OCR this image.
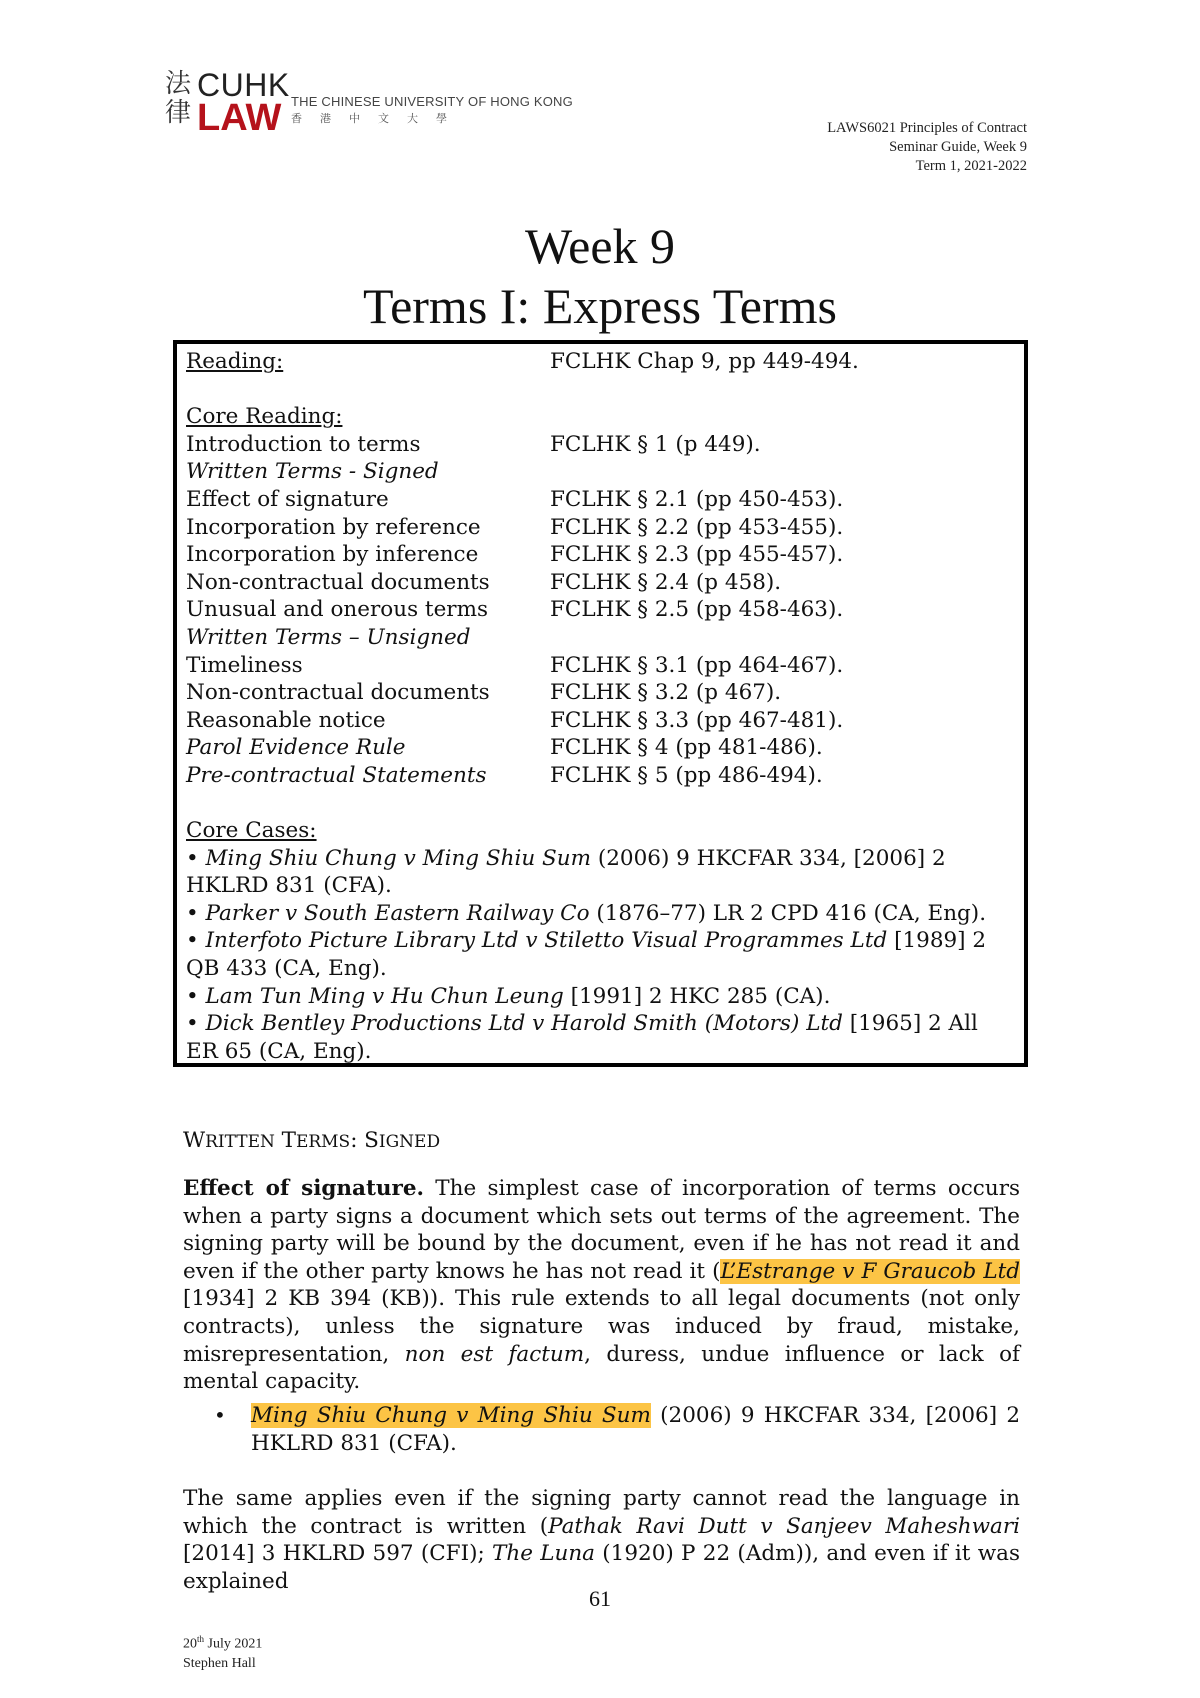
法
律
CUHK
LAW THE CHINESE UNIVERSITY OF HONG KONG
香港中文大學
LAWS6021 Principles of Contract
Seminar Guide, Week 9
Term 1, 2021-2022
Week 9
Terms I: Express Terms
Reading:	FCLHK Chap 9, pp 449-494.
Core Reading:
Introduction to terms	FCLHK § 1 (p 449).
Written Terms - Signed
Effect of signature	FCLHK § 2.1 (pp 450-453).
Incorporation by reference	FCLHK § 2.2 (pp 453-455).
Incorporation by inference	FCLHK § 2.3 (pp 455-457).
Non-contractual documents	FCLHK § 2.4 (p 458).
Unusual and onerous terms	FCLHK § 2.5 (pp 458-463).
Written Terms – Unsigned
Timeliness	FCLHK § 3.1 (pp 464-467).
Non-contractual documents	FCLHK § 3.2 (p 467).
Reasonable notice	FCLHK § 3.3 (pp 467-481).
Parol Evidence Rule	FCLHK § 4 (pp 481-486).
Pre-contractual Statements	FCLHK § 5 (pp 486-494).
Core Cases:
• Ming Shiu Chung v Ming Shiu Sum (2006) 9 HKCFAR 334, [2006] 2 HKLRD 831 (CFA).
• Parker v South Eastern Railway Co (1876–77) LR 2 CPD 416 (CA, Eng).
• Interfoto Picture Library Ltd v Stiletto Visual Programmes Ltd [1989] 2 QB 433 (CA, Eng).
• Lam Tun Ming v Hu Chun Leung [1991] 2 HKC 285 (CA).
• Dick Bentley Productions Ltd v Harold Smith (Motors) Ltd [1965] 2 All ER 65 (CA, Eng).
WRITTEN TERMS: SIGNED
Effect of signature. The simplest case of incorporation of terms occurs when a party signs a document which sets out terms of the agreement. The signing party will be bound by the document, even if he has not read it and even if the other party knows he has not read it (L’Estrange v F Graucob Ltd [1934] 2 KB 394 (KB)). This rule extends to all legal documents (not only contracts), unless the signature was induced by fraud, mistake, misrepresentation, non est factum, duress, undue influence or lack of mental capacity.
• Ming Shiu Chung v Ming Shiu Sum (2006) 9 HKCFAR 334, [2006] 2 HKLRD 831 (CFA).
The same applies even if the signing party cannot read the language in which the contract is written (Pathak Ravi Dutt v Sanjeev Maheshwari [2014] 3 HKLRD 597 (CFI); The Luna (1920) P 22 (Adm)), and even if it was explained
61
20th July 2021
Stephen Hall
